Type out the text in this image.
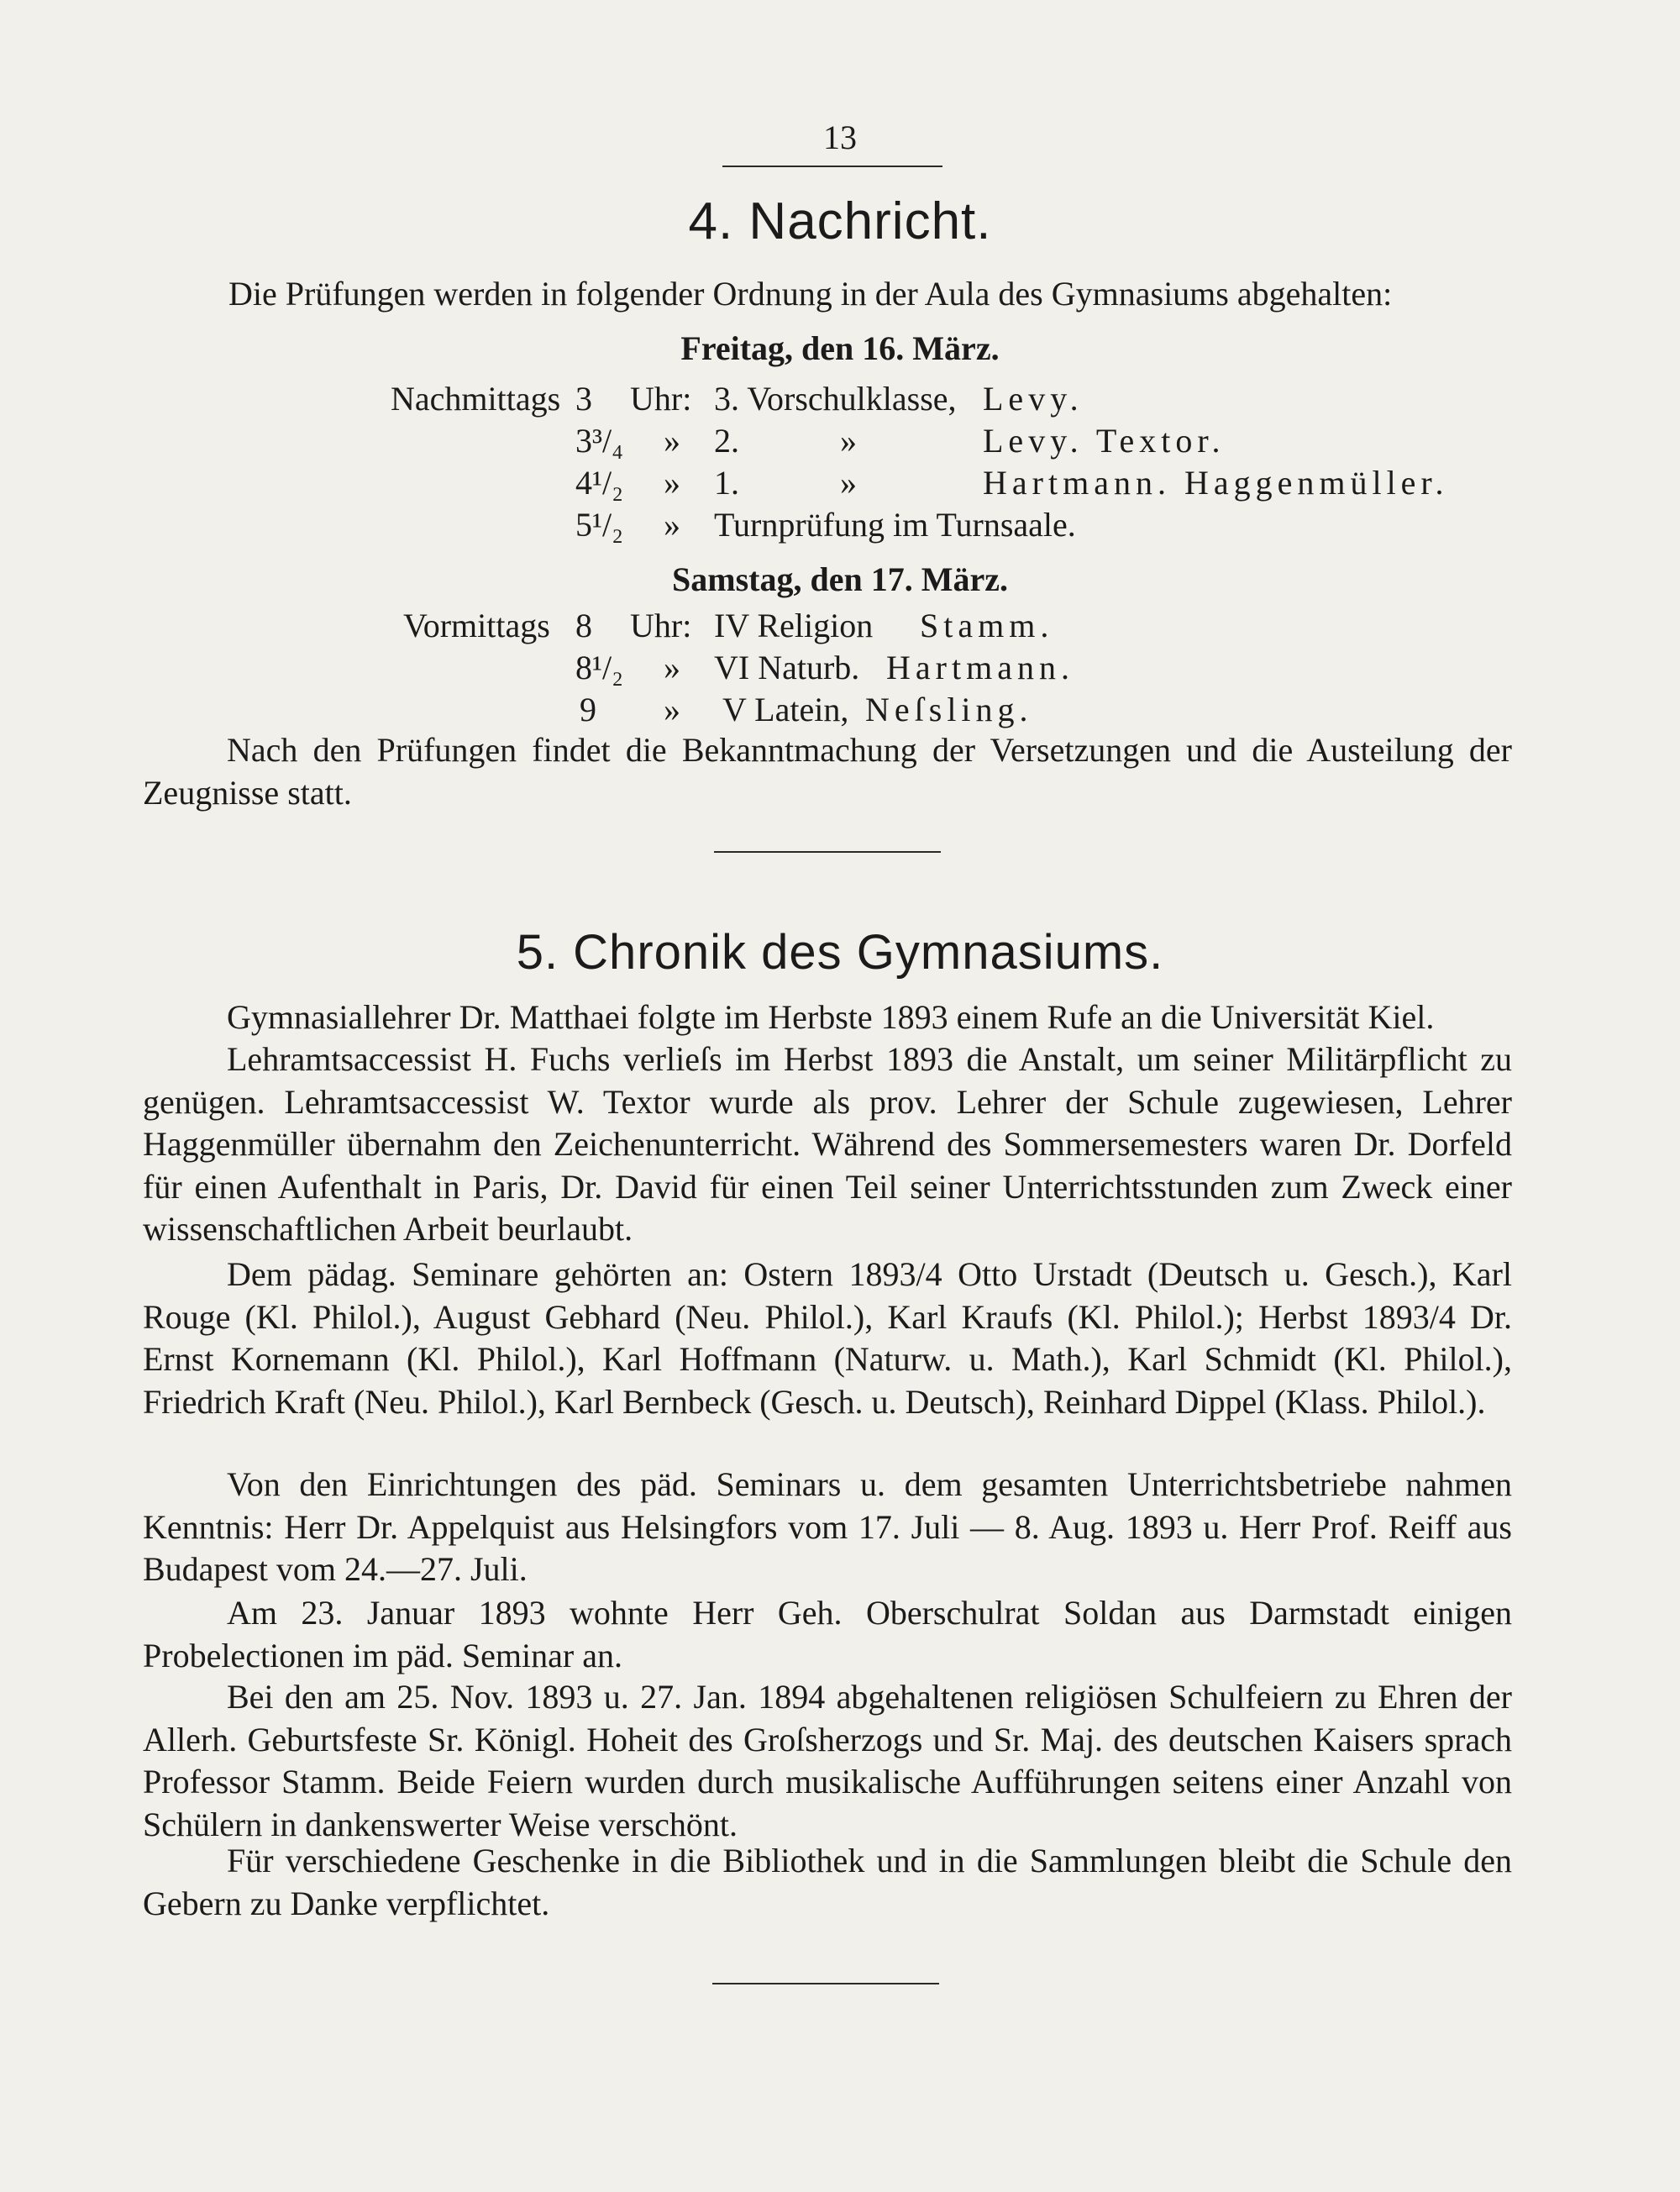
13
4. Nachricht.
Die Prüfungen werden in folgender Ordnung in der Aula des Gymnasiums abgehalten:
Freitag, den 16. März.
Nachmittags 3 Uhr: 3. Vorschulklasse, Levy.
3³/₄ » 2.	»	Levy. Textor.
4¹/₂ » 1.	»	Hartmann. Haggenmüller.
5¹/₂ » Turnprüfung im Turnsaale.
Samstag, den 17. März.
Vormittags 8 Uhr: IV Religion Stamm.
8¹/₂ » VI Naturb. Hartmann.
9 » V Latein, Neſsling.
Nach den Prüfungen findet die Bekanntmachung der Versetzungen und die Austeilung der Zeugnisse statt.
5. Chronik des Gymnasiums.
Gymnasiallehrer Dr. Matthaei folgte im Herbste 1893 einem Rufe an die Universität Kiel.
Lehramtsaccessist H. Fuchs verlieſs im Herbst 1893 die Anstalt, um seiner Militärpflicht zu genügen. Lehramtsaccessist W. Textor wurde als prov. Lehrer der Schule zugewiesen, Lehrer Haggenmüller übernahm den Zeichenunterricht. Während des Sommersemesters waren Dr. Dorfeld für einen Aufenthalt in Paris, Dr. David für einen Teil seiner Unterrichtsstunden zum Zweck einer wissenschaftlichen Arbeit beurlaubt.
Dem pädag. Seminare gehörten an: Ostern 1893/4 Otto Urstadt (Deutsch u. Gesch.), Karl Rouge (Kl. Philol.), August Gebhard (Neu. Philol.), Karl Kraufs (Kl. Philol.); Herbst 1893/4 Dr. Ernst Kornemann (Kl. Philol.), Karl Hoffmann (Naturw. u. Math.), Karl Schmidt (Kl. Philol.), Friedrich Kraft (Neu. Philol.), Karl Bernbeck (Gesch. u. Deutsch), Reinhard Dippel (Klass. Philol.).
Von den Einrichtungen des päd. Seminars u. dem gesamten Unterrichtsbetriebe nahmen Kenntnis: Herr Dr. Appelquist aus Helsingfors vom 17. Juli — 8. Aug. 1893 u. Herr Prof. Reiff aus Budapest vom 24.—27. Juli.
Am 23. Januar 1893 wohnte Herr Geh. Oberschulrat Soldan aus Darmstadt einigen Probelectionen im päd. Seminar an.
Bei den am 25. Nov. 1893 u. 27. Jan. 1894 abgehaltenen religiösen Schulfeiern zu Ehren der Allerh. Geburtsfeste Sr. Königl. Hoheit des Groſsherzogs und Sr. Maj. des deutschen Kaisers sprach Professor Stamm. Beide Feiern wurden durch musikalische Aufführungen seitens einer Anzahl von Schülern in dankenswerter Weise verschönt.
Für verschiedene Geschenke in die Bibliothek und in die Sammlungen bleibt die Schule den Gebern zu Danke verpflichtet.
